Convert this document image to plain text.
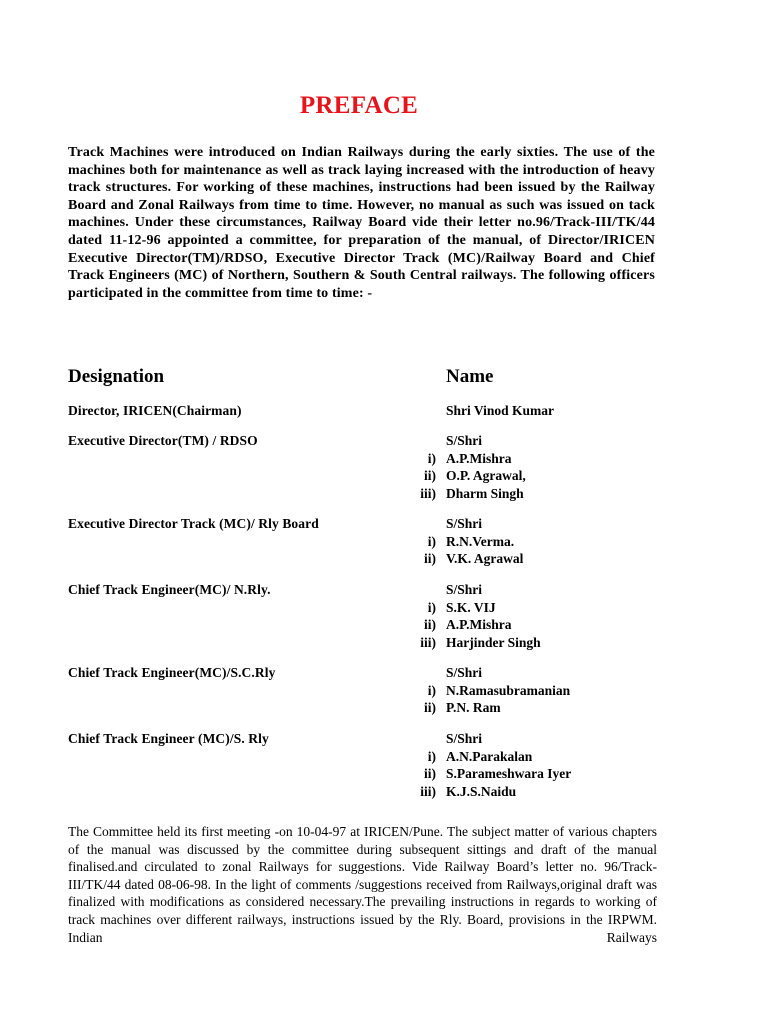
PREFACE
Track Machines were introduced on Indian Railways during the early sixties. The use of the machines both for maintenance as well as track laying increased with the introduction of heavy track structures. For working of these machines, instructions had been issued by the Railway Board and Zonal Railways from time to time. However, no manual as such was issued on tack machines. Under these circumstances, Railway Board vide their letter no.96/Track-III/TK/44 dated 11-12-96 appointed a committee, for preparation of the manual, of Director/IRICEN Executive Director(TM)/RDSO, Executive Director Track (MC)/Railway Board and Chief Track Engineers (MC) of Northern, Southern & South Central railways. The following officers participated in the committee from time to time: -
Designation	Name
Director, IRICEN(Chairman)	Shri Vinod Kumar
Executive Director(TM) / RDSO	S/Shri
i) A.P.Mishra
ii) O.P. Agrawal,
iii) Dharm Singh
Executive Director Track (MC)/ Rly Board	S/Shri
i) R.N.Verma.
ii) V.K. Agrawal
Chief Track Engineer(MC)/ N.Rly.	S/Shri
i) S.K. VIJ
ii) A.P.Mishra
iii) Harjinder Singh
Chief Track Engineer(MC)/S.C.Rly	S/Shri
i) N.Ramasubramanian
ii) P.N. Ram
Chief Track Engineer (MC)/S. Rly	S/Shri
i) A.N.Parakalan
ii) S.Parameshwara Iyer
iii) K.J.S.Naidu
The Committee held its first meeting -on 10-04-97 at IRICEN/Pune. The subject matter of various chapters of the manual was discussed by the committee during subsequent sittings and draft of the manual finalised.and circulated to zonal Railways for suggestions. Vide Railway Board’s letter no. 96/Track-III/TK/44 dated 08-06-98. In the light of comments /suggestions received from Railways,original draft was finalized with modifications as considered necessary.The prevailing instructions in regards to working of track machines over different railways, instructions issued by the Rly. Board, provisions in the IRPWM. Indian Railways
